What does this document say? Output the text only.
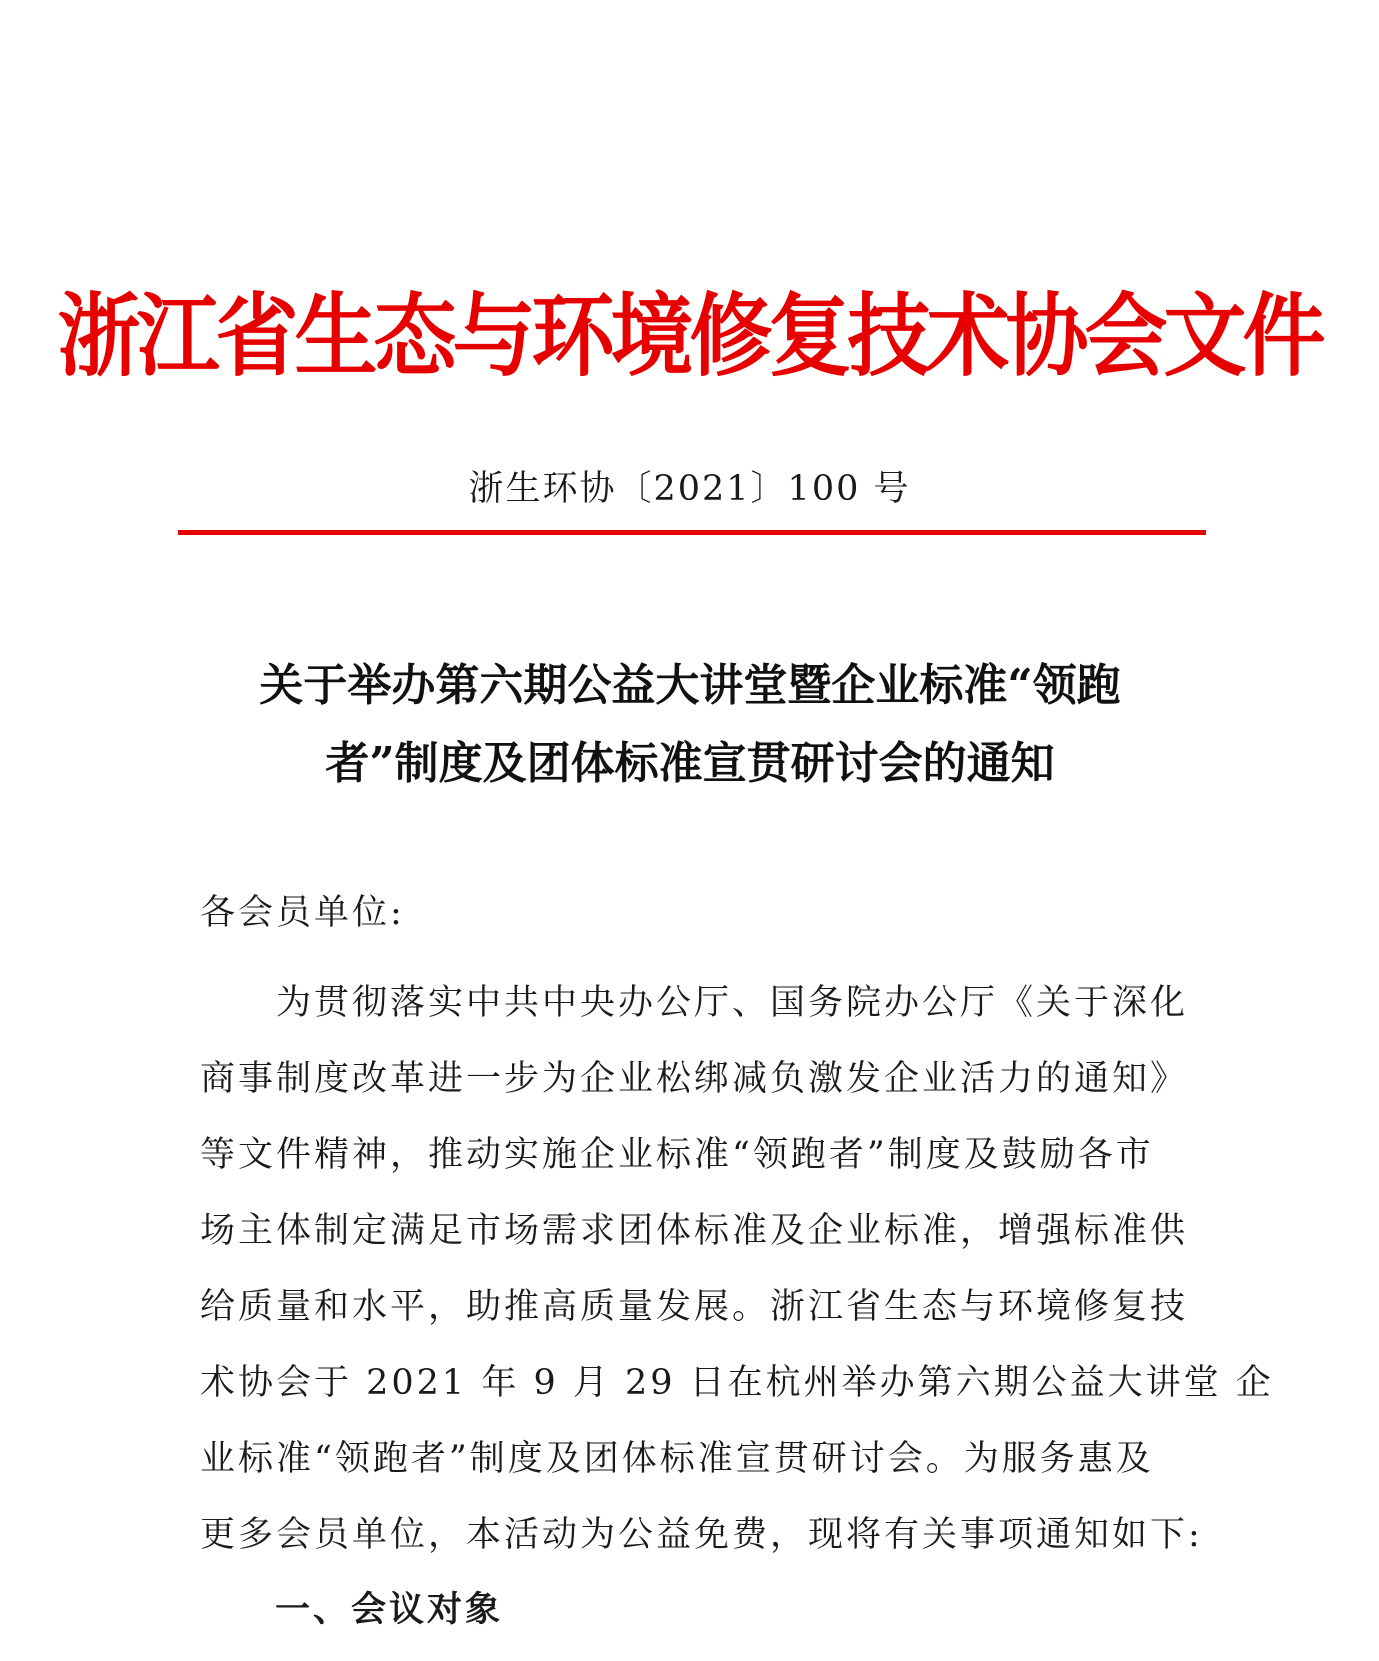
浙江省生态与环境修复技术协会文件
浙生环协〔2021〕100 号
关于举办第六期公益大讲堂暨企业标准“领跑
者”制度及团体标准宣贯研讨会的通知
各会员单位:
　　为贯彻落实中共中央办公厅、国务院办公厅《关于深化
商事制度改革进一步为企业松绑减负激发企业活力的通知》
等文件精神，推动实施企业标准“领跑者”制度及鼓励各市
场主体制定满足市场需求团体标准及企业标准，增强标准供
给质量和水平，助推高质量发展。浙江省生态与环境修复技
术协会于 2021 年 9 月 29 日在杭州举办第六期公益大讲堂 企
业标准“领跑者”制度及团体标准宣贯研讨会。为服务惠及
更多会员单位，本活动为公益免费，现将有关事项通知如下:
一、会议对象
